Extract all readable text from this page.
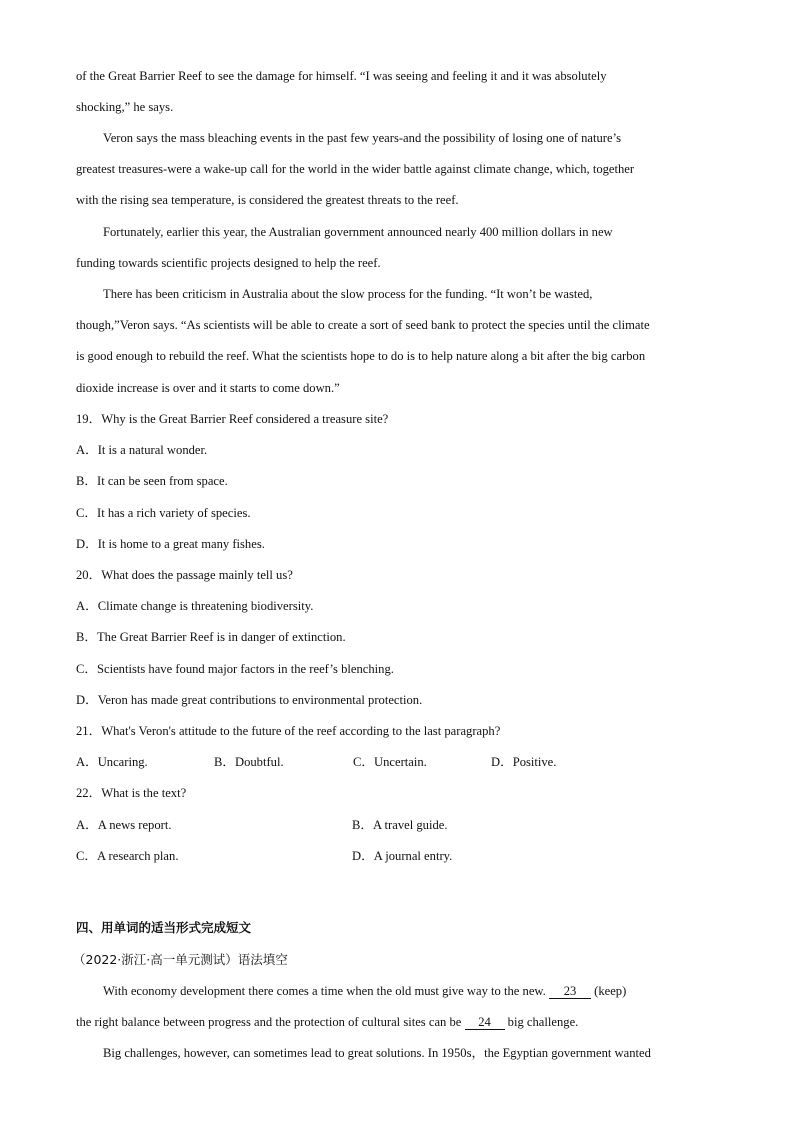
of the Great Barrier Reef to see the damage for himself. “I was seeing and feeling it and it was absolutely
shocking,” he says.
Veron says the mass bleaching events in the past few years-and the possibility of losing one of nature’s
greatest treasures-were a wake-up call for the world in the wider battle against climate change, which, together
with the rising sea temperature, is considered the greatest threats to the reef.
Fortunately, earlier this year, the Australian government announced nearly 400 million dollars in new
funding towards scientific projects designed to help the reef.
There has been criticism in Australia about the slow process for the funding. “It won’t be wasted,
though,”Veron says. “As scientists will be able to create a sort of seed bank to protect the species until the climate
is good enough to rebuild the reef. What the scientists hope to do is to help nature along a bit after the big carbon
dioxide increase is over and it starts to come down.”
19．Why is the Great Barrier Reef considered a treasure site?
A．It is a natural wonder.
B．It can be seen from space.
C．It has a rich variety of species.
D．It is home to a great many fishes.
20．What does the passage mainly tell us?
A．Climate change is threatening biodiversity.
B．The Great Barrier Reef is in danger of extinction.
C．Scientists have found major factors in the reef’s blenching.
D．Veron has made great contributions to environmental protection.
21．What's Veron's attitude to the future of the reef according to the last paragraph?
A．Uncaring.	B．Doubtful.	C．Uncertain.	D．Positive.
22．What is the text?
A．A news report.	B．A travel guide.
C．A research plan.	D．A journal entry.
四、用单词的适当形式完成短文
（2022·浙江·高一单元测试）语法填空
With economy development there comes a time when the old must give way to the new. 23 (keep)
the right balance between progress and the protection of cultural sites can be 24 big challenge.
Big challenges, however, can sometimes lead to great solutions. In 1950s，the Egyptian government wanted
